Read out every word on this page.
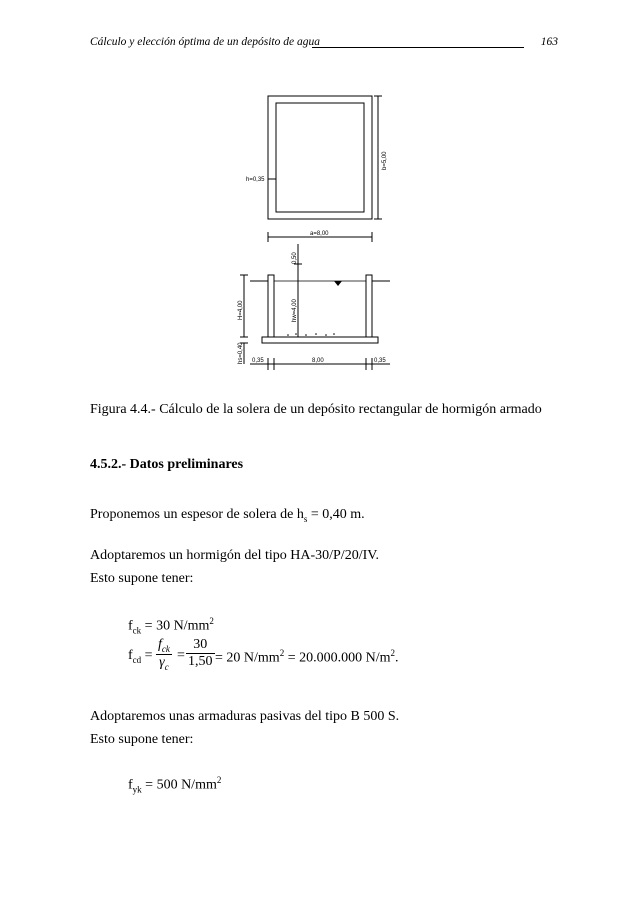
Cálculo y elección óptima de un depósito de agua	163
h=0,35
b=5,00
a=8,00
0,50
H=4,00	hw=4,00
hs=0,40 0,35	8,00	0,35
Figura 4.4.- Cálculo de la solera de un depósito rectangular de hormigón armado
4.5.2.- Datos preliminares
Proponemos un espesor de solera de $h_s = 0,40$ m.
Adoptaremos un hormigón del tipo HA-30/P/20/IV.
Esto supone tener:
$f_{ck} = 30$ $N/mm^2$
$f_{cd}$ =
$f_{ck}$
$\gamma_c$
= $\frac{30}{1,50} = 20$ $N/mm^2 = 20.000.000$ $N/m^2$.
Adoptaremos unas armaduras pasivas del tipo B 500 S.
Esto supone tener:
$f_{yk} = 500$ $N/mm^2$
